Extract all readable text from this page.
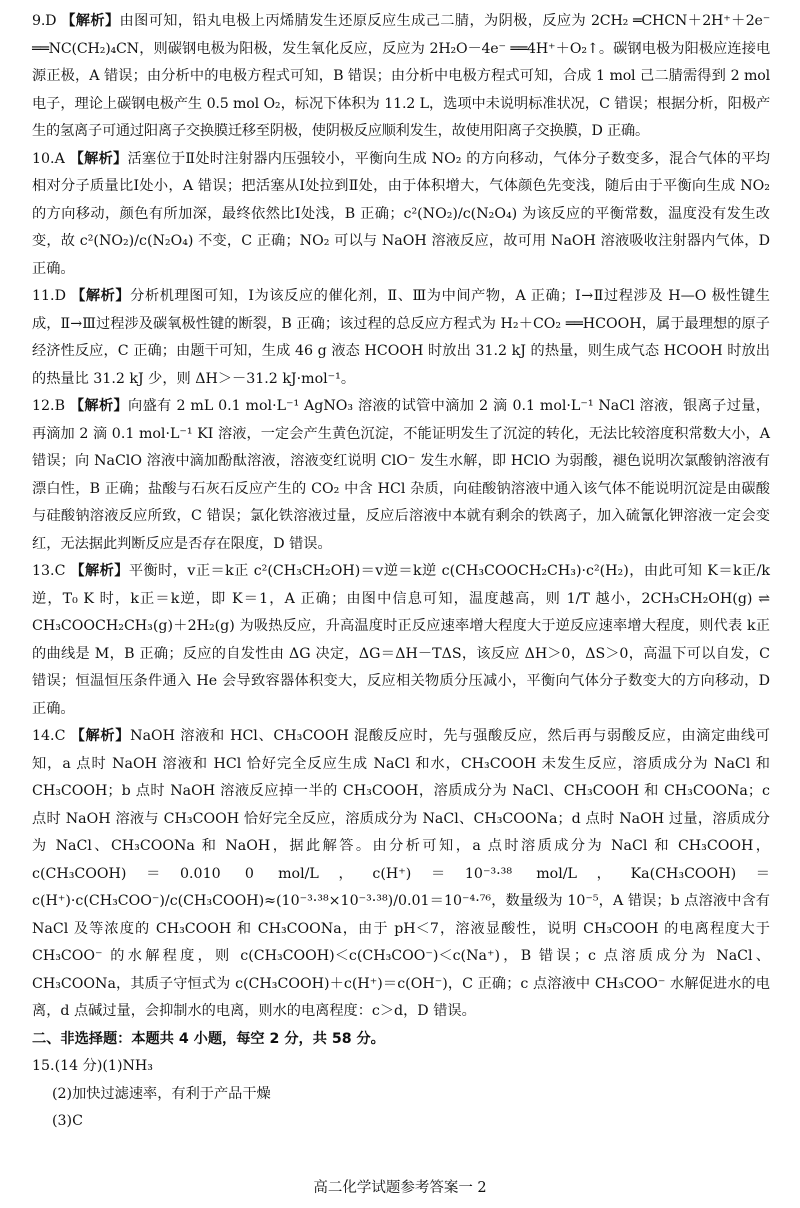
9.D 【解析】由图可知，铅丸电极上丙烯腈发生还原反应生成己二腈，为阴极，反应为 2CH₂ ═CHCN＋2H⁺＋2e⁻ ══NC(CH₂)₄CN，则碳钢电极为阳极，发生氧化反应，反应为 2H₂O－4e⁻ ══4H⁺＋O₂↑。碳钢电极为阳极应连接电源正极，A 错误；由分析中的电极方程式可知，B 错误；由分析中电极方程式可知，合成 1 mol 己二腈需得到 2 mol 电子，理论上碳钢电极产生 0.5 mol O₂，标况下体积为 11.2 L，选项中未说明标准状况，C 错误；根据分析，阳极产生的氢离子可通过阳离子交换膜迁移至阴极，使阴极反应顺利发生，故使用阳离子交换膜，D 正确。

10.A 【解析】活塞位于Ⅱ处时注射器内压强较小，平衡向生成 NO₂ 的方向移动，气体分子数变多，混合气体的平均相对分子质量比Ⅰ处小，A 错误；把活塞从Ⅰ处拉到Ⅱ处，由于体积增大，气体颜色先变浅，随后由于平衡向生成 NO₂ 的方向移动，颜色有所加深，最终依然比Ⅰ处浅，B 正确；c²(NO₂)/c(N₂O₄) 为该反应的平衡常数，温度没有发生改变，故 c²(NO₂)/c(N₂O₄) 不变，C 正确；NO₂ 可以与 NaOH 溶液反应，故可用 NaOH 溶液吸收注射器内气体，D 正确。

11.D 【解析】分析机理图可知，Ⅰ为该反应的催化剂，Ⅱ、Ⅲ为中间产物，A 正确；Ⅰ→Ⅱ过程涉及 H—O 极性键生成，Ⅱ→Ⅲ过程涉及碳氧极性键的断裂，B 正确；该过程的总反应方程式为 H₂＋CO₂ ══HCOOH，属于最理想的原子经济性反应，C 正确；由题干可知，生成 46 g 液态 HCOOH 时放出 31.2 kJ 的热量，则生成气态 HCOOH 时放出的热量比 31.2 kJ 少，则 ΔH＞－31.2 kJ·mol⁻¹。

12.B 【解析】向盛有 2 mL 0.1 mol·L⁻¹ AgNO₃ 溶液的试管中滴加 2 滴 0.1 mol·L⁻¹ NaCl 溶液，银离子过量，再滴加 2 滴 0.1 mol·L⁻¹ KI 溶液，一定会产生黄色沉淀，不能证明发生了沉淀的转化，无法比较溶度积常数大小，A 错误；向 NaClO 溶液中滴加酚酞溶液，溶液变红说明 ClO⁻ 发生水解，即 HClO 为弱酸，褪色说明次氯酸钠溶液有漂白性，B 正确；盐酸与石灰石反应产生的 CO₂ 中含 HCl 杂质，向硅酸钠溶液中通入该气体不能说明沉淀是由碳酸与硅酸钠溶液反应所致，C 错误；氯化铁溶液过量，反应后溶液中本就有剩余的铁离子，加入硫氰化钾溶液一定会变红，无法据此判断反应是否存在限度，D 错误。

13.C 【解析】平衡时，v正＝k正 c²(CH₃CH₂OH)＝v逆＝k逆 c(CH₃COOCH₂CH₃)·c²(H₂)，由此可知 K＝k正/k逆，T₀ K 时，k正＝k逆，即 K＝1，A 正确；由图中信息可知，温度越高，则 1/T 越小，2CH₃CH₂OH(g) ⇌ CH₃COOCH₂CH₃(g)＋2H₂(g) 为吸热反应，升高温度时正反应速率增大程度大于逆反应速率增大程度，则代表 k正 的曲线是 M，B 正确；反应的自发性由 ΔG 决定，ΔG＝ΔH－TΔS，该反应 ΔH＞0，ΔS＞0，高温下可以自发，C 错误；恒温恒压条件通入 He 会导致容器体积变大，反应相关物质分压减小，平衡向气体分子数变大的方向移动，D 正确。

14.C 【解析】NaOH 溶液和 HCl、CH₃COOH 混酸反应时，先与强酸反应，然后再与弱酸反应，由滴定曲线可知，a 点时 NaOH 溶液和 HCl 恰好完全反应生成 NaCl 和水，CH₃COOH 未发生反应，溶质成分为 NaCl 和 CH₃COOH；b 点时 NaOH 溶液反应掉一半的 CH₃COOH，溶质成分为 NaCl、CH₃COOH 和 CH₃COONa；c 点时 NaOH 溶液与 CH₃COOH 恰好完全反应，溶质成分为 NaCl、CH₃COONa；d 点时 NaOH 过量，溶质成分为 NaCl、CH₃COONa 和 NaOH，据此解答。由分析可知，a 点时溶质成分为 NaCl 和 CH₃COOH，c(CH₃COOH)＝0.010 0 mol/L，c(H⁺)＝10⁻³·³⁸ mol/L，Ka(CH₃COOH)＝c(H⁺)·c(CH₃COO⁻)/c(CH₃COOH)≈(10⁻³·³⁸×10⁻³·³⁸)/0.01＝10⁻⁴·⁷⁶，数量级为 10⁻⁵，A 错误；b 点溶液中含有 NaCl 及等浓度的 CH₃COOH 和 CH₃COONa，由于 pH＜7，溶液显酸性，说明 CH₃COOH 的电离程度大于 CH₃COO⁻ 的水解程度，则 c(CH₃COOH)＜c(CH₃COO⁻)＜c(Na⁺)，B 错误；c 点溶质成分为 NaCl、CH₃COONa，其质子守恒式为 c(CH₃COOH)＋c(H⁺)＝c(OH⁻)，C 正确；c 点溶液中 CH₃COO⁻ 水解促进水的电离，d 点碱过量，会抑制水的电离，则水的电离程度：c＞d，D 错误。

二、非选择题：本题共 4 小题，每空 2 分，共 58 分。

15.(14 分)(1)NH₃

(2)加快过滤速率，有利于产品干燥

(3)C

高二化学试题参考答案一 2
